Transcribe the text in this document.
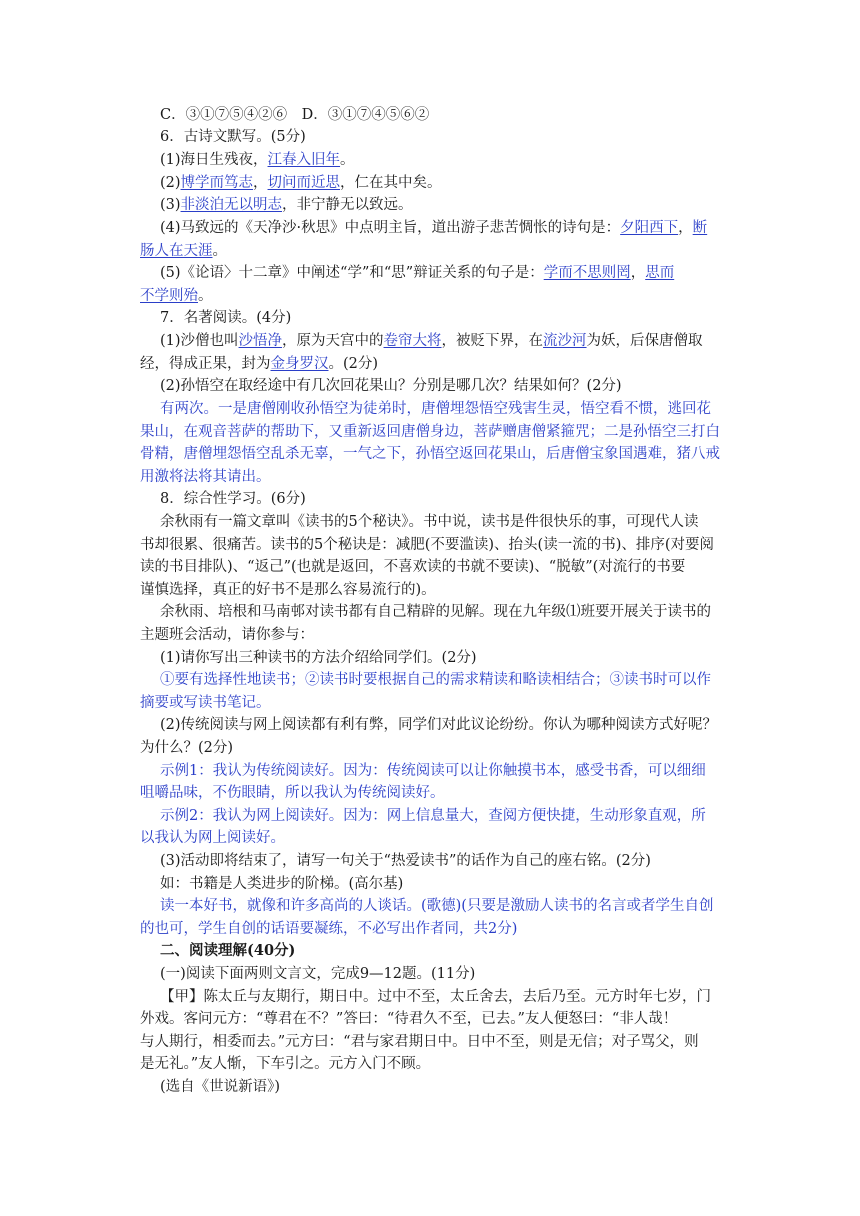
C．③①⑦⑤④②⑥　D．③①⑦④⑤⑥②
6．古诗文默写。(5分)
(1)海日生残夜，江春入旧年。
(2)博学而笃志，切问而近思，仁在其中矣。
(3)非淡泊无以明志，非宁静无以致远。
(4)马致远的《天净沙·秋思》中点明主旨，道出游子悲苦惆怅的诗句是：夕阳西下，断
肠人在天涯。
(5)《论语〉十二章》中阐述“学”和“思”辩证关系的句子是：学而不思则罔，思而
不学则殆。
7．名著阅读。(4分)
(1)沙僧也叫沙悟净，原为天宫中的卷帘大将，被贬下界，在流沙河为妖，后保唐僧取
经，得成正果，封为金身罗汉。(2分)
(2)孙悟空在取经途中有几次回花果山？分别是哪几次？结果如何？(2分)
有两次。一是唐僧刚收孙悟空为徒弟时，唐僧埋怨悟空残害生灵，悟空看不惯，逃回花
果山，在观音菩萨的帮助下，又重新返回唐僧身边，菩萨赠唐僧紧箍咒；二是孙悟空三打白
骨精，唐僧埋怨悟空乱杀无辜，一气之下，孙悟空返回花果山，后唐僧宝象国遇难，猪八戒
用激将法将其请出。
8．综合性学习。(6分)
余秋雨有一篇文章叫《读书的5个秘诀》。书中说，读书是件很快乐的事，可现代人读
书却很累、很痛苦。读书的5个秘诀是：减肥(不要滥读)、抬头(读一流的书)、排序(对要阅
读的书目排队)、“返己”(也就是返回，不喜欢读的书就不要读)、“脱敏”(对流行的书要
谨慎选择，真正的好书不是那么容易流行的)。
余秋雨、培根和马南邨对读书都有自己精辟的见解。现在九年级⑴班要开展关于读书的
主题班会活动，请你参与：
(1)请你写出三种读书的方法介绍给同学们。(2分)
①要有选择性地读书；②读书时要根据自己的需求精读和略读相结合；③读书时可以作
摘要或写读书笔记。
(2)传统阅读与网上阅读都有利有弊，同学们对此议论纷纷。你认为哪种阅读方式好呢？
为什么？(2分)
示例1：我认为传统阅读好。因为：传统阅读可以让你触摸书本，感受书香，可以细细
咀嚼品味，不伤眼睛，所以我认为传统阅读好。
示例2：我认为网上阅读好。因为：网上信息量大，查阅方便快捷，生动形象直观，所
以我认为网上阅读好。
(3)活动即将结束了，请写一句关于“热爱读书”的话作为自己的座右铭。(2分)
如：书籍是人类进步的阶梯。(高尔基)
读一本好书，就像和许多高尚的人谈话。(歌德)(只要是激励人读书的名言或者学生自创
的也可，学生自创的话语要凝练，不必写出作者同，共2分)
二、阅读理解(40分)
(一)阅读下面两则文言文，完成9—12题。(11分)
【甲】陈太丘与友期行，期日中。过中不至，太丘舍去，去后乃至。元方时年七岁，门
外戏。客问元方：“尊君在不？”答曰：“待君久不至，已去。”友人便怒曰：“非人哉！
与人期行，相委而去。”元方曰：“君与家君期日中。日中不至，则是无信；对子骂父，则
是无礼。”友人惭，下车引之。元方入门不顾。
(选自《世说新语》)
